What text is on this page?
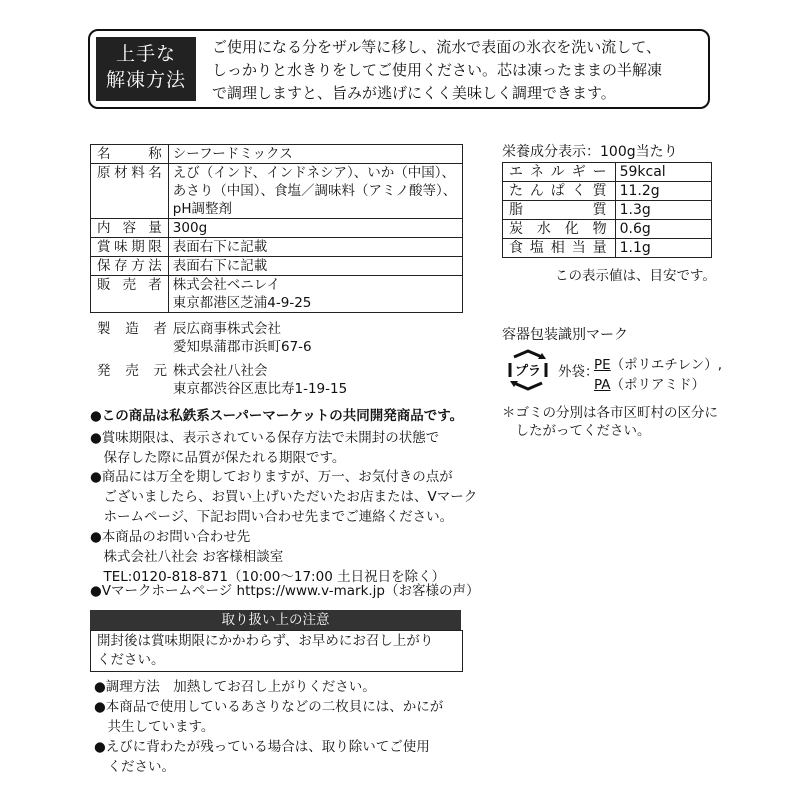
上手な
解凍方法
ご使用になる分をザル等に移し、流水で表面の氷衣を洗い流して、
しっかりと水きりをしてご使用ください。芯は凍ったままの半解凍
で調理しますと、旨みが逃げにくく美味しく調理できます。
名称	シーフードミックス
原材料名	えび（インド、インドネシア）、いか（中国）、
あさり（中国）、食塩／調味料（アミノ酸等）、
pH調整剤

内容量	300g
賞味期限	表面右下に記載
保存方法	表面右下に記載
販売者	株式会社ベニレイ
東京都港区芝浦4-9-25
製造者 辰広商事株式会社
愛知県蒲郡市浜町67-6
発売元 株式会社八社会
東京都渋谷区恵比寿1-19-15
●この商品は私鉄系スーパーマーケットの共同開発商品です。
●賞味期限は、表示されている保存方法で未開封の状態で
　保存した際に品質が保たれる期限です。
●商品には万全を期しておりますが、万一、お気付きの点が
　ございましたら、お買い上げいただいたお店または、Vマーク
　ホームページ、下記お問い合わせ先までご連絡ください。
●本商品のお問い合わせ先
　株式会社八社会 お客様相談室
　TEL:0120-818-871（10:00～17:00 土日祝日を除く）
●Vマークホームページ https://www.v-mark.jp（お客様の声）
取り扱い上の注意
開封後は賞味期限にかかわらず、お早めにお召し上がり
ください。
●調理方法　加熱してお召し上がりください。
●本商品で使用しているあさりなどの二枚貝には、かにが
　共生しています。
●えびに背わたが残っている場合は、取り除いてご使用
　ください。
栄養成分表示：100g当たり
エネルギー	59kcal
たんぱく質	11.2g
脂質	1.3g
炭水化物	0.6g
食塩相当量	1.1g
この表示値は、目安です。
容器包装識別マーク
プラ 外袋：
PE（ポリエチレン）,
PA（ポリアミド）
＊ゴミの分別は各市区町村の区分に
　したがってください。
